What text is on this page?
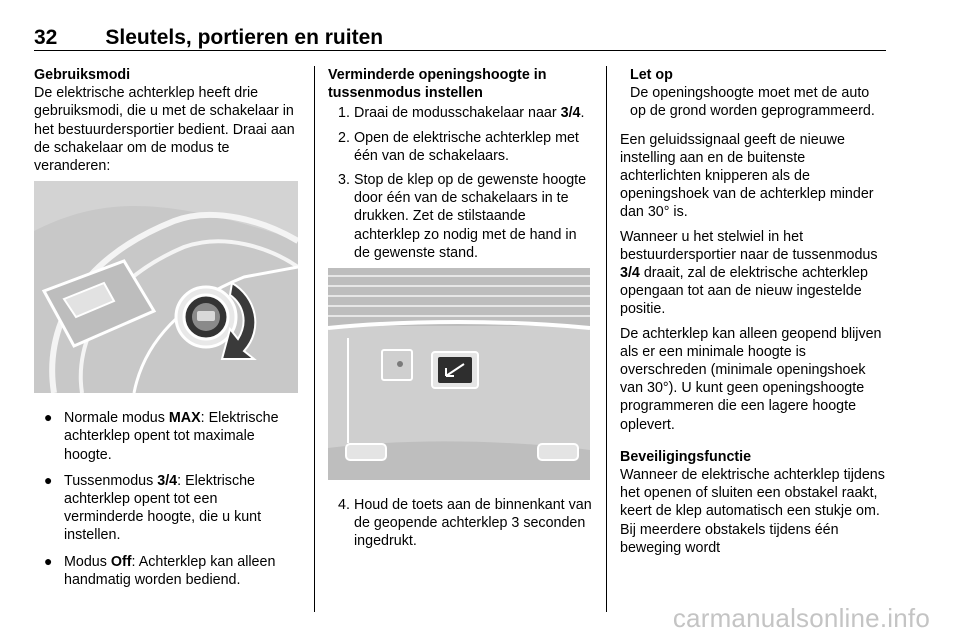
32 Sleutels, portieren en ruiten
Gebruiksmodi

De elektrische achterklep heeft drie gebruiksmodi, die u met de schakelaar in het bestuurdersportier bedient. Draai aan de schakelaar om de modus te veranderen:

● Normale modus MAX: Elektrische achterklep opent tot maximale hoogte.
● Tussenmodus 3/4: Elektrische achterklep opent tot een verminderde hoogte, die u kunt instellen.
● Modus Off: Achterklep kan alleen handmatig worden bediend.
Verminderde openingshoogte in tussenmodus instellen
1. Draai de modusschakelaar naar 3/4.
2. Open de elektrische achterklep met één van de schakelaars.
3. Stop de klep op de gewenste hoogte door één van de schakelaars in te drukken. Zet de stilstaande achterklep zo nodig met de hand in de gewenste stand.
4. Houd de toets aan de binnenkant van de geopende achterklep 3 seconden ingedrukt.
Let op
De openingshoogte moet met de auto op de grond worden geprogrammeerd.

Een geluidssignaal geeft de nieuwe instelling aan en de buitenste achterlichten knipperen als de openingshoek van de achterklep minder dan 30° is.

Wanneer u het stelwiel in het bestuurdersportier naar de tussenmodus 3/4 draait, zal de elektrische achterklep opengaan tot aan de nieuw ingestelde positie.

De achterklep kan alleen geopend blijven als er een minimale hoogte is overschreden (minimale openingshoek van 30°). U kunt geen openingshoogte programmeren die een lagere hoogte oplevert.

Beveiligingsfunctie

Wanneer de elektrische achterklep tijdens het openen of sluiten een obstakel raakt, keert de klep automatisch een stukje om. Bij meerdere obstakels tijdens één beweging wordt

carmanualsonline.info
